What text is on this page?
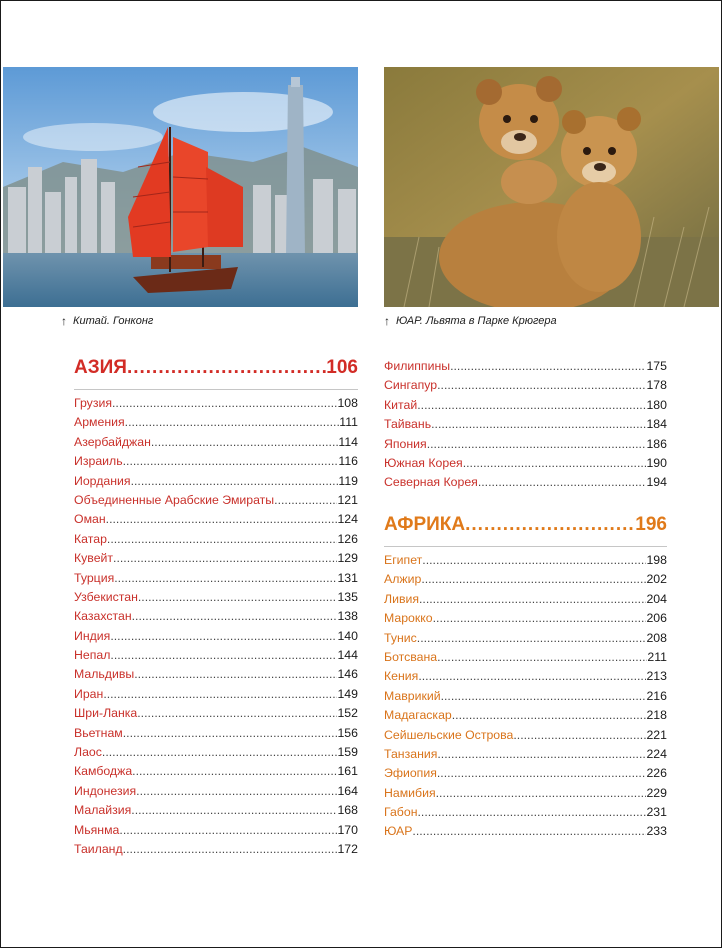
↑ Китай. Гонконг	↑ ЮАР. Львята в Парке Крюгера
АЗИЯ .....	106
Грузия .....	108
Армения .....	111
Азербайджан .....	114
Израиль .....	116
Иордания .....	119
Объединенные Арабские Эмираты .....	121
Оман .....	124
Катар .....	126
Кувейт .....	129
Турция .....	131
Узбекистан .....	135
Казахстан .....	138
Индия .....	140
Непал .....	144
Мальдивы .....	146
Иран .....	149
Шри-Ланка .....	152
Вьетнам .....	156
Лаос .....	159
Камбоджа .....	161
Индонезия .....	164
Малайзия .....	168
Мьянма .....	170
Таиланд .....	172
Филиппины .....	175
Сингапур .....	178
Китай .....	180
Тайвань .....	184
Япония .....	186
Южная Корея .....	190
Северная Корея .....	194
АФРИКА .....	196
Египет .....	198
Алжир .....	202
Ливия .....	204
Марокко .....	206
Тунис .....	208
Ботсвана .....	211
Кения .....	213
Маврикий .....	216
Мадагаскар .....	218
Сейшельские Острова .....	221
Танзания .....	224
Эфиопия .....	226
Намибия .....	229
Габон .....	231
ЮАР .....	233
